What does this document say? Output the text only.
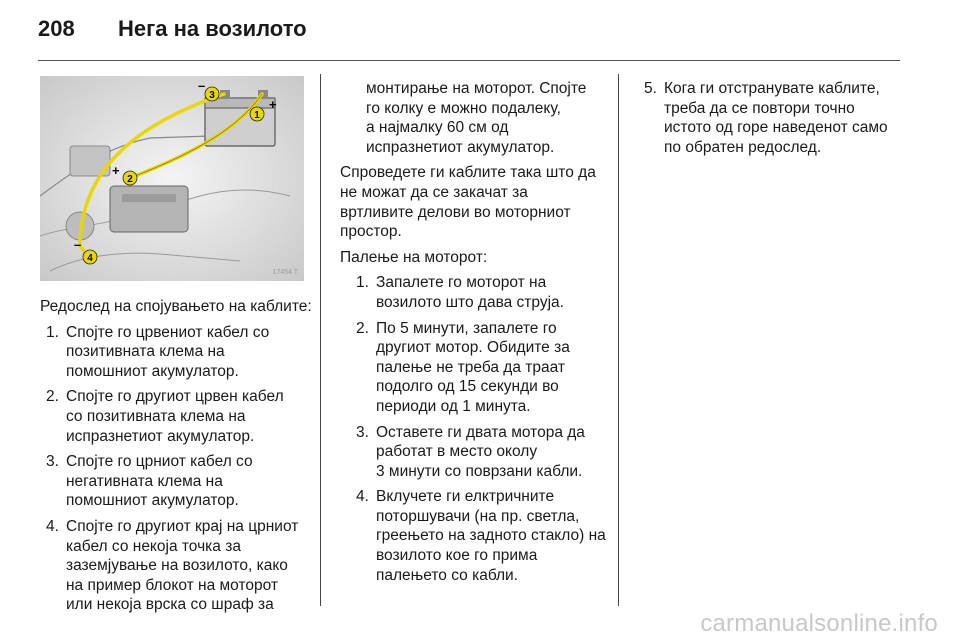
208 Нега на возилото
1
+
2
+
3
–
4
–
17454 T

Редослед на спојувањето на каблите:

1. Спојте го црвениот кабел со
позитивната клема на
помошниот акумулатор.
2. Спојте го другиот црвен кабел
со позитивната клема на
испразнетиот акумулатор.
3. Спојте го црниот кабел со
негативната клема на
помошниот акумулатор.
4. Спојте го другиот крај на црниот
кабел со некоја точка за
заземјување на возилото, како
на пример блокот на моторот
или некоја врска со шраф за
монтирање на моторот. Спојте
го колку е можно подалеку,
а најмалку 60 см од
испразнетиот акумулатор.

Спроведете ги каблите така што да
не можат да се закачат за
вртливите делови во моторниот
простор.

Палење на моторот:

1. Запалете го моторот на
возилото што дава струја.
2. По 5 минути, запалете го
другиот мотор. Обидите за
палење не треба да траат
подолго од 15 секунди во
периоди од 1 минута.
3. Оставете ги двата мотора да
работат в место околу
3 минути со поврзани кабли.
4. Вклучете ги елктричните
поторшувачи (на пр. светла,
греењето на задното стакло) на
возилото кое го прима
палењето со кабли.
5. Кога ги отстранувате каблите,
треба да се повтори точно
истото од горе наведенот само
по обратен редослед.
carmanualsonline.info
